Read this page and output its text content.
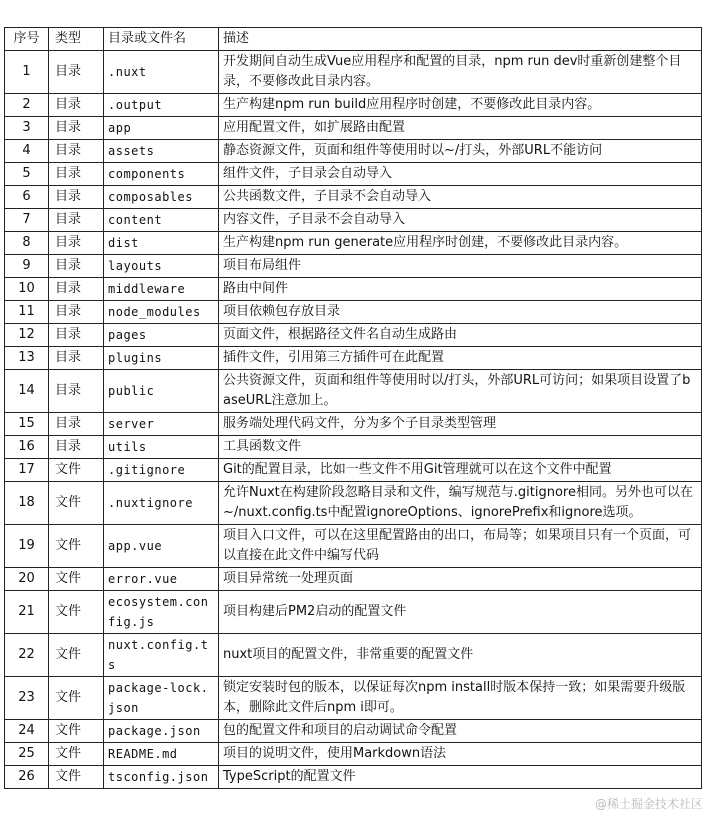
序号	类型	目录或文件名	描述
1	目录	.nuxt	开发期间自动生成Vue应用程序和配置的目录，npm run dev时重新创建整个目录，不要修改此目录内容。
2	目录	.output	生产构建npm run build应用程序时创建，不要修改此目录内容。
3	目录	app	应用配置文件，如扩展路由配置
4	目录	assets	静态资源文件，页面和组件等使用时以~/打头，外部URL不能访问
5	目录	components	组件文件，子目录会自动导入
6	目录	composables	公共函数文件，子目录不会自动导入
7	目录	content	内容文件，子目录不会自动导入
8	目录	dist	生产构建npm run generate应用程序时创建，不要修改此目录内容。
9	目录	layouts	项目布局组件
10	目录	middleware	路由中间件
11	目录	node_modules	项目依赖包存放目录
12	目录	pages	页面文件，根据路径文件名自动生成路由
13	目录	plugins	插件文件，引用第三方插件可在此配置
14	目录	public	公共资源文件，页面和组件等使用时以/打头，外部URL可访问；如果项目设置了baseURL注意加上。
15	目录	server	服务端处理代码文件，分为多个子目录类型管理
16	目录	utils	工具函数文件
17	文件	.gitignore	Git的配置目录，比如一些文件不用Git管理就可以在这个文件中配置
18	文件	.nuxtignore	允许Nuxt在构建阶段忽略目录和文件，编写规范与.gitignore相同。另外也可以在~/nuxt.config.ts中配置ignoreOptions、ignorePrefix和ignore选项。
19	文件	app.vue	项目入口文件，可以在这里配置路由的出口，布局等；如果项目只有一个页面，可以直接在此文件中编写代码
20	文件	error.vue	项目异常统一处理页面
21	文件	ecosystem.config.js	项目构建后PM2启动的配置文件
22	文件	nuxt.config.ts	nuxt项目的配置文件，非常重要的配置文件
23	文件	package-lock.json	锁定安装时包的版本，以保证每次npm install时版本保持一致；如果需要升级版本，删除此文件后npm i即可。
24	文件	package.json	包的配置文件和项目的启动调试命令配置
25	文件	README.md	项目的说明文件，使用Markdown语法
26	文件	tsconfig.json	TypeScript的配置文件
@稀土掘金技术社区
